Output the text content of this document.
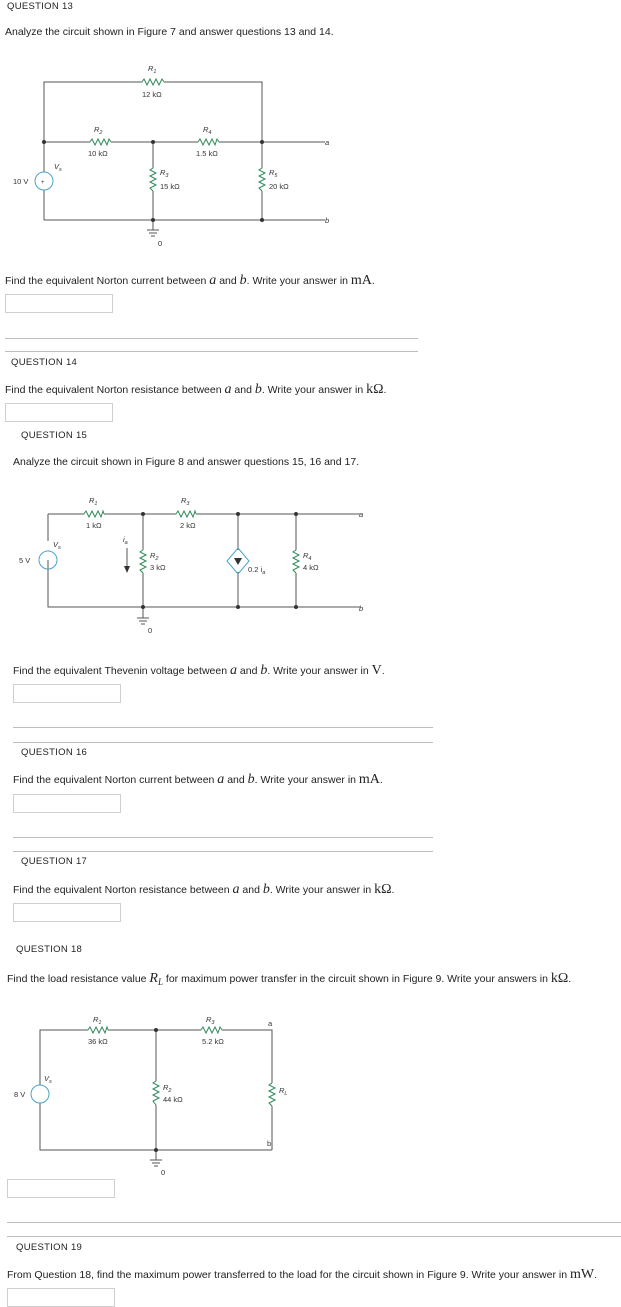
QUESTION 13
Analyze the circuit shown in Figure 7 and answer questions 13 and 14.
+
$R_1$
12 kΩ
$R_2$
10 kΩ
$R_4$
1.5 kΩ
$R_3$
15 kΩ
$R_5$
20 kΩ
10 V
$V_s$
a
b
0
Find the equivalent Norton current between a and b. Write your answer in mA.
QUESTION 14
Find the equivalent Norton resistance between a and b. Write your answer in kΩ.
QUESTION 15
Analyze the circuit shown in Figure 8 and answer questions 15, 16 and 17.
$R_1$
1 kΩ
$R_3$
2 kΩ
$R_2$
3 kΩ
$R_4$
4 kΩ
5 V
$V_s$
$i_a$
0.2 $i_a$
a
b
0
Find the equivalent Thevenin voltage between a and b. Write your answer in V.
QUESTION 16
Find the equivalent Norton current between a and b. Write your answer in mA.
QUESTION 17
Find the equivalent Norton resistance between a and b. Write your answer in kΩ.
QUESTION 18
Find the load resistance value $R_L$ for maximum power transfer in the circuit shown in Figure 9. Write your answers in kΩ.
$R_1$
36 kΩ
$R_3$
5.2 kΩ
$R_2$
44 kΩ
$R_L$
8 V
$V_s$
a
b
0
QUESTION 19
From Question 18, find the maximum power transferred to the load for the circuit shown in Figure 9. Write your answer in mW.
